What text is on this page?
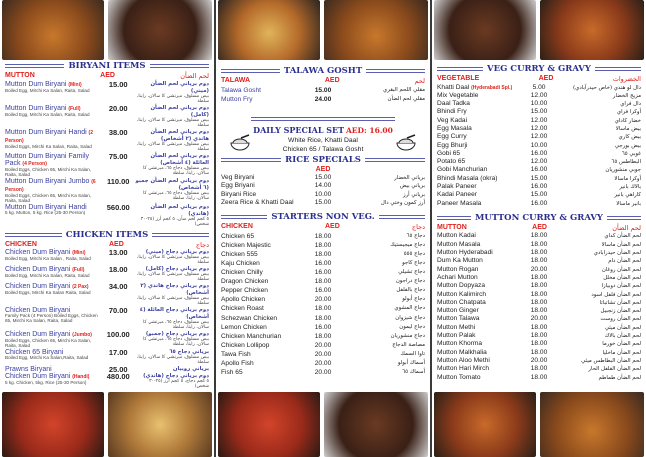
BIRYANI ITEMS
MUTTON	AED	لحم الضأن
Mutton Dum Biryani (Mini)
Boiled Egg, Mirchi Ka Salan, Raita, Salad
15.00	دوم برياني لحم الضأن (ميني)
بيض مسلوق، ميرتشي كا سالان، رايتا، سلطة
Mutton Dum Biryani (Full)
Boiled Egg, Mirchi Ka Salan, Raita, Salad
20.00	دوم برياني لحم الضأن (كامل)
بيض مسلوق، ميرتشي كا سالان، رايتا، سلطة
Mutton Dum Biryani Handi (2 Person)
Boiled Eggs, Mirchi Ka Salan, Raita, Salad
38.00	دوم برياني لحم الضأن هاندي (٢ أشخاص)
بيض مسلوق، ميرتشي كا سالان، رايتا، سلطة
Mutton Dum Biryani Family Pack (4 Person)
Boiled Eggs, Chicken 65, Mirchi Ka Salan, Raita, Salad
75.00	دوم برياني لحم الضأن العائلة (٤ أشخاص)
بيض مسلوق، دجاج ٦٥، ميرتشي كا سالان، رايتا، سلطة
Mutton Dum Biryani Jumbo (6 Person)
Boiled Eggs, Chicken 65, Mirchi Ka Salan, Raita, Salad
110.00	دوم برياني لحم الضأن جمبو (٦ أشخاص)
بيض مسلوق، دجاج ٦٥، ميرتشي كا سالان، رايتا، سلطة
Mutton Dum Biryani Handi
5 kg. Mutton, 5 kg. Rice (25-30 Person)
560.00	دوم برياني لحم الضأن (هاندي)
٥ كجم لحم ضأن، ٥ كجم أرز (٢٥-٣٠ شخص)
CHICKEN ITEMS
CHICKEN	AED	دجاج
Chicken Dum Biryani (Mini)
Boiled Egg, Mirchi Ka Salan , Raita, Salad
13.00	دوم برياني دجاج (ميني)
بيض مسلوق، ميرتشي كا سالان، رايتا، سلطة
Chicken Dum Biryani (Full)
Boiled Egg, Mirchi Ka Salan, Raita, Salad
18.00	دوم برياني دجاج (كامل)
بيض مسلوق، ميرتشي كا سالان، رايتا، سلطة
Chicken Dum Biryani (2 Pax)
Boiled Eggs, Mirchi Ka Salan Raita, Salad
34.00	دوم برياني دجاج هاندي (٢ أشخاص)
بيض مسلوق، ميرتشي كا سالان، رايتا، سلطة
Chicken Dum Biryani
Family Pack (4 Person) Boiled Eggs, Chicken 65, Mirchi Ka Salan, Raita, Salad
70.00	دوم برياني دجاج العائلة (٤ أشخاص)
بيض مسلوق، دجاج ٦٥، ميرتشي كا سالان، رايتا، سلطة
Chicken Dum Biryani (Jumbo)
Boiled Eggs, Chicken 65, Mirchi Ka Salan, Raita, Salad
100.00	دوم برياني دجاج (جمبو)
بيض مسلوق، دجاج ٦٥، ميرتشي كا سالان، رايتا، سلطة
Chicken 65 Biryani
Boiled Egg, Mirchi Ka Salan,Raita, Salad
17.00	برياني دجاج ٦٥
بيض مسلوق، ميرتشي كا سالان، رايتا، سلطة
Prawns Biryani	25.00	برياني روبيان
Chicken Dum Biryani (Handi)
5 kg. Chicken, 5kg. Rice (25-30 Person)
480.00	دوم برياني دجاج (هاندي)
٥ كجم دجاج، ٥ كجم أرز (٢٥-٣٠ شخص)
TALAWA GOSHT
TALAWA	AED	لحم
Talawa Gosht	15.00	مقلي اللحم البقري
Mutton Fry	24.00	مقلي لحم الضأن
DAILY SPECIAL SET AED: 16.00
White Rice, Khatti Daal
Chicken 65 / Talawa Gosht
RICE SPECIALS
AED
Veg Biryani	15.00	برياني الخضار
Egg Briyani	14.00	برياني بيض
Biryani Rice	10.00	برياني أرز
Zeera Rice & Khatti Daal	15.00	أرز كمون وختي دال
STARTERS NON VEG.
CHICKEN	AED	دجاج
Chicken 65	18.00	دجاج ٦٥
Chicken Majestic	18.00	دجاج ميجيستيك
Chicken 555	18.00	دجاج ٥٥٥
Kaju Chicken	16.00	دجاج كاجو
Chicken Chilly	16.00	دجاج تشيلي
Dragon Chicken	18.00	دجاج دراجون
Pepper Chicken	16.00	دجاج بالفلفل
Apollo Chicken	20.00	دجاج أبولو
Chicken Roast	18.00	دجاج المشوي
Schezwan Chicken	18.00	دجاج شيزوان
Lemon Chicken	16.00	دجاج ليمون
Chicken Manchurian	18.00	دجاج منشوريان
Chicken Lollipop	20.00	مصاصة الدجاج
Tawa Fish	20.00	تاوا السمك
Apollo Fish	20.00	أسماك أبولو
Fish 65	20.00	أسماك ٦٥
VEG CURRY & GRAVY
VEGETABLE	AED	الخضروات
Khatti Daal (Hyderabadi Spl.)	5.00	دال لو هندي (خاص حيدرآبادي)
Mix Vegetable	12.00	مزيج الخضار
Daal Tadka	10.00	دال فراي
Bhindi Fry	15.00	أوكرا فراي
Veg Kadai	12.00	خضار كاداي
Egg Masala	12.00	بيض ماسالا
Egg Curry	12.00	بيض كاري
Egg Bhurji	10.00	بيض بورجي
Gobi 65	16.00	غوبي ٦٥
Potato 65	12.00	البطاطس ٦٥
Gobi Manchurian	16.00	جوبي منشوريان
Bhindi Masala (okra)	15.00	أوكرا ماسالا
Palak Paneer	16.00	بالاك بانير
Kadai Paneer	15.00	كاراهي بانير
Paneer Masala	16.00	بانير ماسالا
MUTTON CURRY & GRAVY
MUTTON	AED	لحم الضأن
Mutton Kadai	18.00	لحم الضأن كداي
Mutton Masala	18.00	لحم الضأن ماسالا
Mutton Hyderabadi	18.00	لحم الضأن حيدرابادي
Dum Ka Mutton	18.00	لحم الضأن دام
Mutton Rogan	20.00	لحم الضأن روغان
Achari Mutton	18.00	لحم الضأن مخلل
Mutton Dopyaza	18.00	لحم الضأن دوبيازا
Mutton Kalimirch	18.00	لحم الضأن فلفل اسود
Mutton Chatpata	18.00	لحم الضأن تشاتباتا
Mutton Ginger	18.00	لحم الضأن زنجبيل
Mutton Talawa	20.00	لحم الضأن روست
Mutton Methi	18.00	لحم الضأن ميثي
Mutton Palak	18.00	لحم الضأن بالاك
Mutton Khorma	18.00	لحم الضأن خورما
Mutton Malkhalia	18.00	لحم الضأن ماخليا
Mutton Aloo Methi	20.00	لحم الضأن البطاطس ميثي
Mutton Hari Mirch	18.00	لحم الضأن الفلفل الحار
Mutton Tomato	18.00	لحم الضأن طماطم
